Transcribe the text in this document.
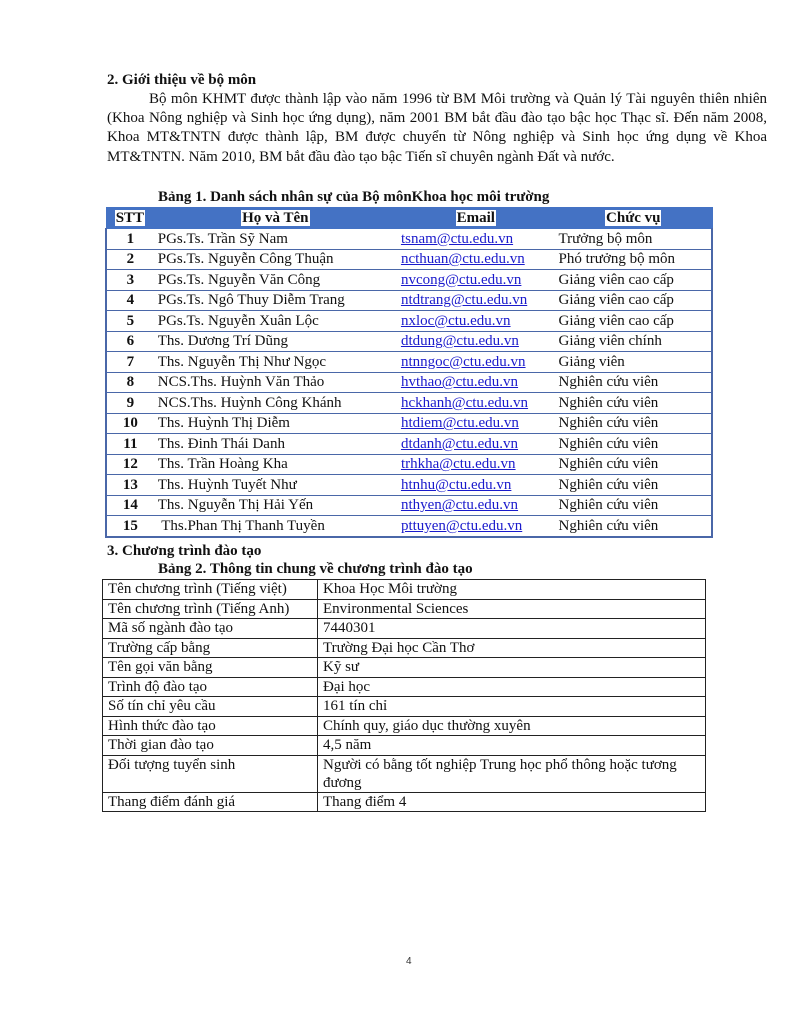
2. Giới thiệu về bộ môn
Bộ môn KHMT được thành lập vào năm 1996 từ BM Môi trường và Quản lý Tài nguyên thiên nhiên (Khoa Nông nghiệp và Sinh học ứng dụng), năm 2001 BM bắt đầu đào tạo bậc học Thạc sĩ. Đến năm 2008, Khoa MT&TNTN được thành lập, BM được chuyển từ Nông nghiệp và Sinh học ứng dụng về Khoa MT&TNTN. Năm 2010, BM bắt đầu đào tạo bậc Tiến sĩ chuyên ngành Đất và nước.
Bảng 1. Danh sách nhân sự của Bộ mônKhoa học môi trường
STT	Họ và Tên	Email	Chức vụ
1	PGs.Ts. Trần Sỹ Nam	tsnam@ctu.edu.vn	Trưởng bộ môn
2	PGs.Ts. Nguyễn Công Thuận	ncthuan@ctu.edu.vn	Phó trưởng bộ môn
3	PGs.Ts. Nguyễn Văn Công	nvcong@ctu.edu.vn	Giảng viên cao cấp
4	PGs.Ts. Ngô Thuy Diễm Trang	ntdtrang@ctu.edu.vn	Giảng viên cao cấp
5	PGs.Ts. Nguyễn Xuân Lộc	nxloc@ctu.edu.vn	Giảng viên cao cấp
6	Ths. Dương Trí Dũng	dtdung@ctu.edu.vn	Giảng viên chính
7	Ths. Nguyễn Thị Như Ngọc	ntnngoc@ctu.edu.vn	Giảng viên
8	NCS.Ths. Huỳnh Văn Thảo	hvthao@ctu.edu.vn	Nghiên cứu viên
9	NCS.Ths. Huỳnh Công Khánh	hckhanh@ctu.edu.vn	Nghiên cứu viên
10	Ths. Huỳnh Thị Diễm	htdiem@ctu.edu.vn	Nghiên cứu viên
11	Ths. Đinh Thái Danh	dtdanh@ctu.edu.vn	Nghiên cứu viên
12	Ths. Trần Hoàng Kha	trhkha@ctu.edu.vn	Nghiên cứu viên
13	Ths. Huỳnh Tuyết Như	htnhu@ctu.edu.vn	Nghiên cứu viên
14	Ths. Nguyễn Thị Hải Yến	nthyen@ctu.edu.vn	Nghiên cứu viên
15	Ths.Phan Thị Thanh Tuyền	pttuyen@ctu.edu.vn	Nghiên cứu viên
3. Chương trình đào tạo
Bảng 2. Thông tin chung về chương trình đào tạo
Tên chương trình (Tiếng việt)	Khoa Học Môi trường
Tên chương trình (Tiếng Anh)	Environmental Sciences
Mã số ngành đào tạo	7440301
Trường cấp bằng	Trường Đại học Cần Thơ
Tên gọi văn bằng	Kỹ sư
Trình độ đào tạo	Đại học
Số tín chỉ yêu cầu	161 tín chỉ
Hình thức đào tạo	Chính quy, giáo dục thường xuyên
Thời gian đào tạo	4,5 năm
Đối tượng tuyển sinh	Người có bằng tốt nghiệp Trung học phổ thông hoặc tương đương
Thang điểm đánh giá	Thang điểm 4
4
